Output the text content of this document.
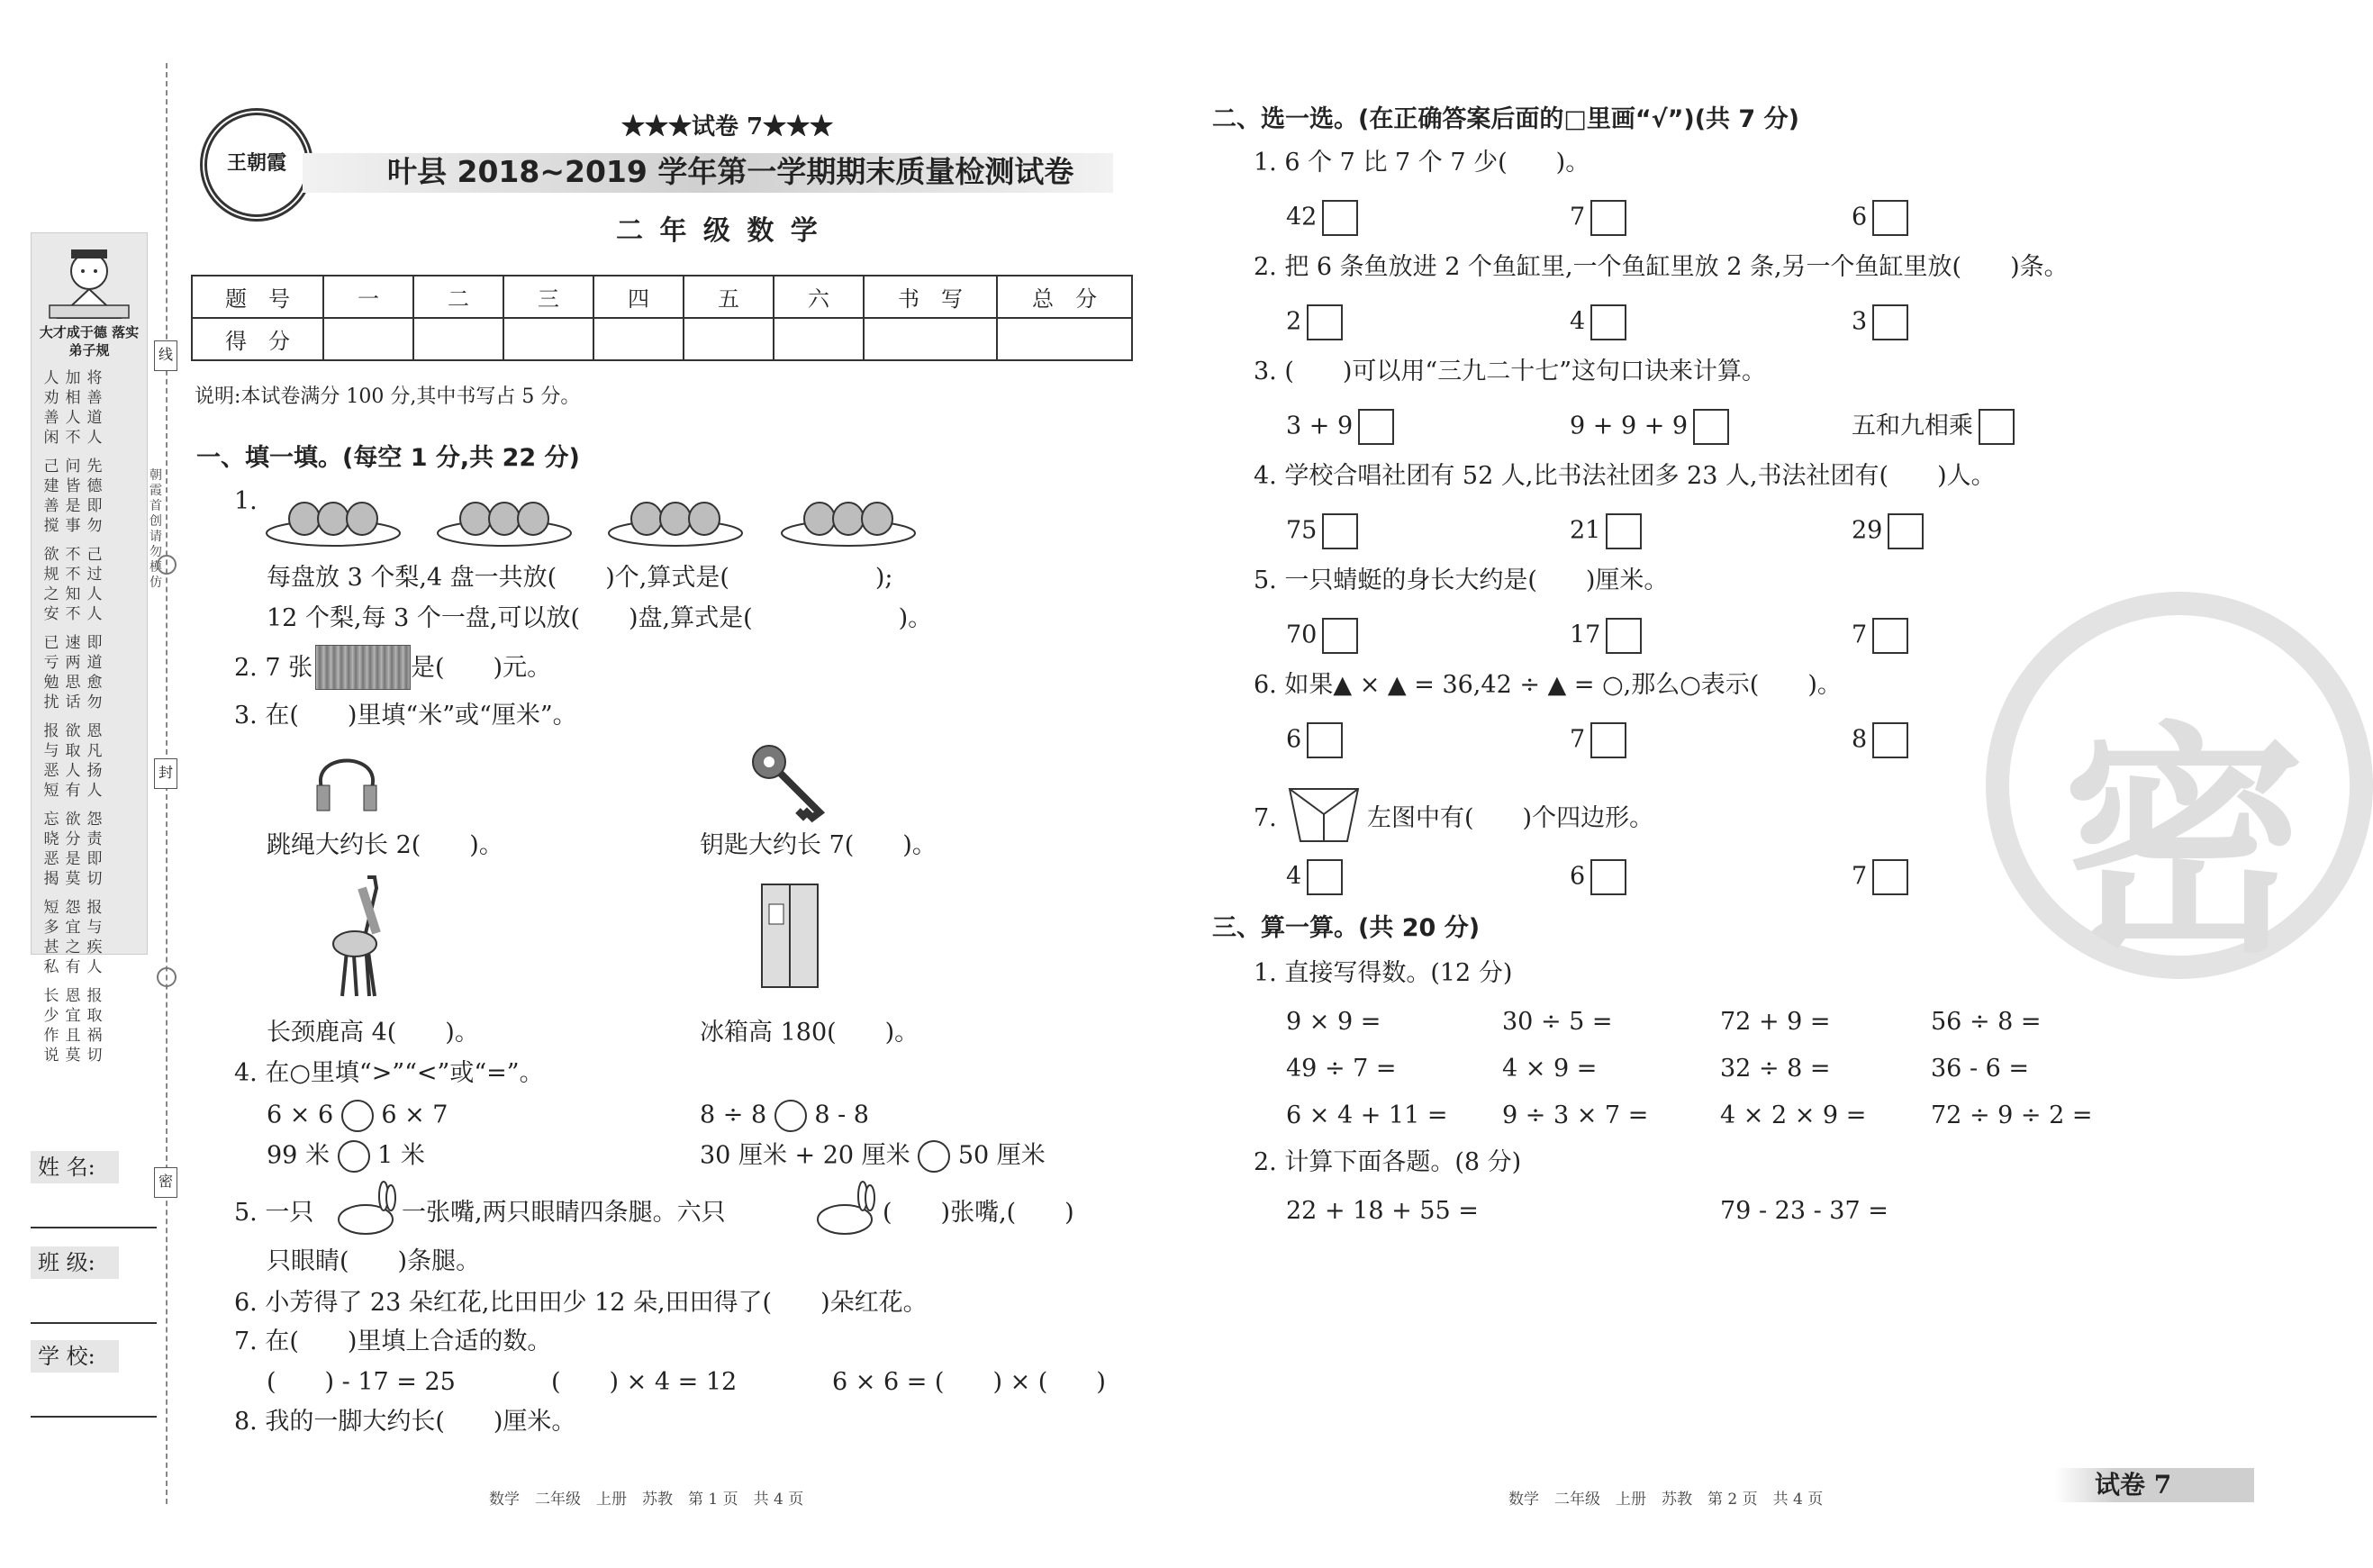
大才成于德 落实弟子规
将善道人
加相人不
人劝善闲
先德即勿
问皆是事
己建善搅
己过人人
不不知不
欲规之安
即道愈勿
速两思话
已亏勉扰
恩凡扬人
欲取人有
报与恶短
怨责即切
欲分是莫
忘晓恶揭
报与疾人
怨宜之有
短多甚私
报取祸切
恩宜且莫
长少作说
线
封
密
朝霞首创 请勿模仿
姓 名:
班 级:
学 校:
王朝霞
★★★试卷 7★★★
叶县 2018~2019 学年第一学期期末质量检测试卷
二 年 级 数 学
题　号	一	二	三	四	五	六	书　写	总　分
得　分								
说明:本试卷满分 100 分,其中书写占 5 分。
一、填一填。(每空 1 分,共 22 分)
1.
每盘放 3 个梨,4 盘一共放(　　)个,算式是(　　　　　　);
12 个梨,每 3 个一盘,可以放(　　)盘,算式是(　　　　　　)。
2. 7 张	是(　　)元。
3. 在(　　)里填“米”或“厘米”。
跳绳大约长 2(　　)。	钥匙大约长 7(　　)。
长颈鹿高 4(　　)。	冰箱高 180(　　)。
4. 在○里填“>”“<”或“=”。
6 × 6 6 × 7	8 ÷ 8 8 - 8
99 米 1 米	30 厘米 + 20 厘米 50 厘米
5. 一只	一张嘴,两只眼睛四条腿。六只	(　　)张嘴,(　　)
只眼睛(　　)条腿。
6. 小芳得了 23 朵红花,比田田少 12 朵,田田得了(　　)朵红花。
7. 在(　　)里填上合适的数。
(　　) - 17 = 25	(　　) × 4 = 12	6 × 6 = (　　) × (　　)
8. 我的一脚大约长(　　)厘米。
二、选一选。(在正确答案后面的□里画“√”)(共 7 分)
1. 6 个 7 比 7 个 7 少(　　)。
42	7	6
2. 把 6 条鱼放进 2 个鱼缸里,一个鱼缸里放 2 条,另一个鱼缸里放(　　)条。
2	4	3
3. (　　)可以用“三九二十七”这句口诀来计算。
3 + 9	9 + 9 + 9	五和九相乘
4. 学校合唱社团有 52 人,比书法社团多 23 人,书法社团有(　　)人。
75	21	29
5. 一只蜻蜓的身长大约是(　　)厘米。
70	17	7
6. 如果▲ × ▲ = 36,42 ÷ ▲ = ○,那么○表示(　　)。
6	7	8
7.	左图中有(　　)个四边形。
4	6	7
三、算一算。(共 20 分)
1. 直接写得数。(12 分)
9 × 9 =	30 ÷ 5 =	72 + 9 =	56 ÷ 8 =
49 ÷ 7 =	4 × 9 =	32 ÷ 8 =	36 - 6 =
6 × 4 + 11 = 9 ÷ 3 × 7 =	4 × 2 × 9 =	72 ÷ 9 ÷ 2 =
2. 计算下面各题。(8 分)
22 + 18 + 55 =	79 - 23 - 37 =
密
数学　二年级　上册　苏教　第 1 页　共 4 页	数学　二年级　上册　苏教　第 2 页　共 4 页	试卷 7
